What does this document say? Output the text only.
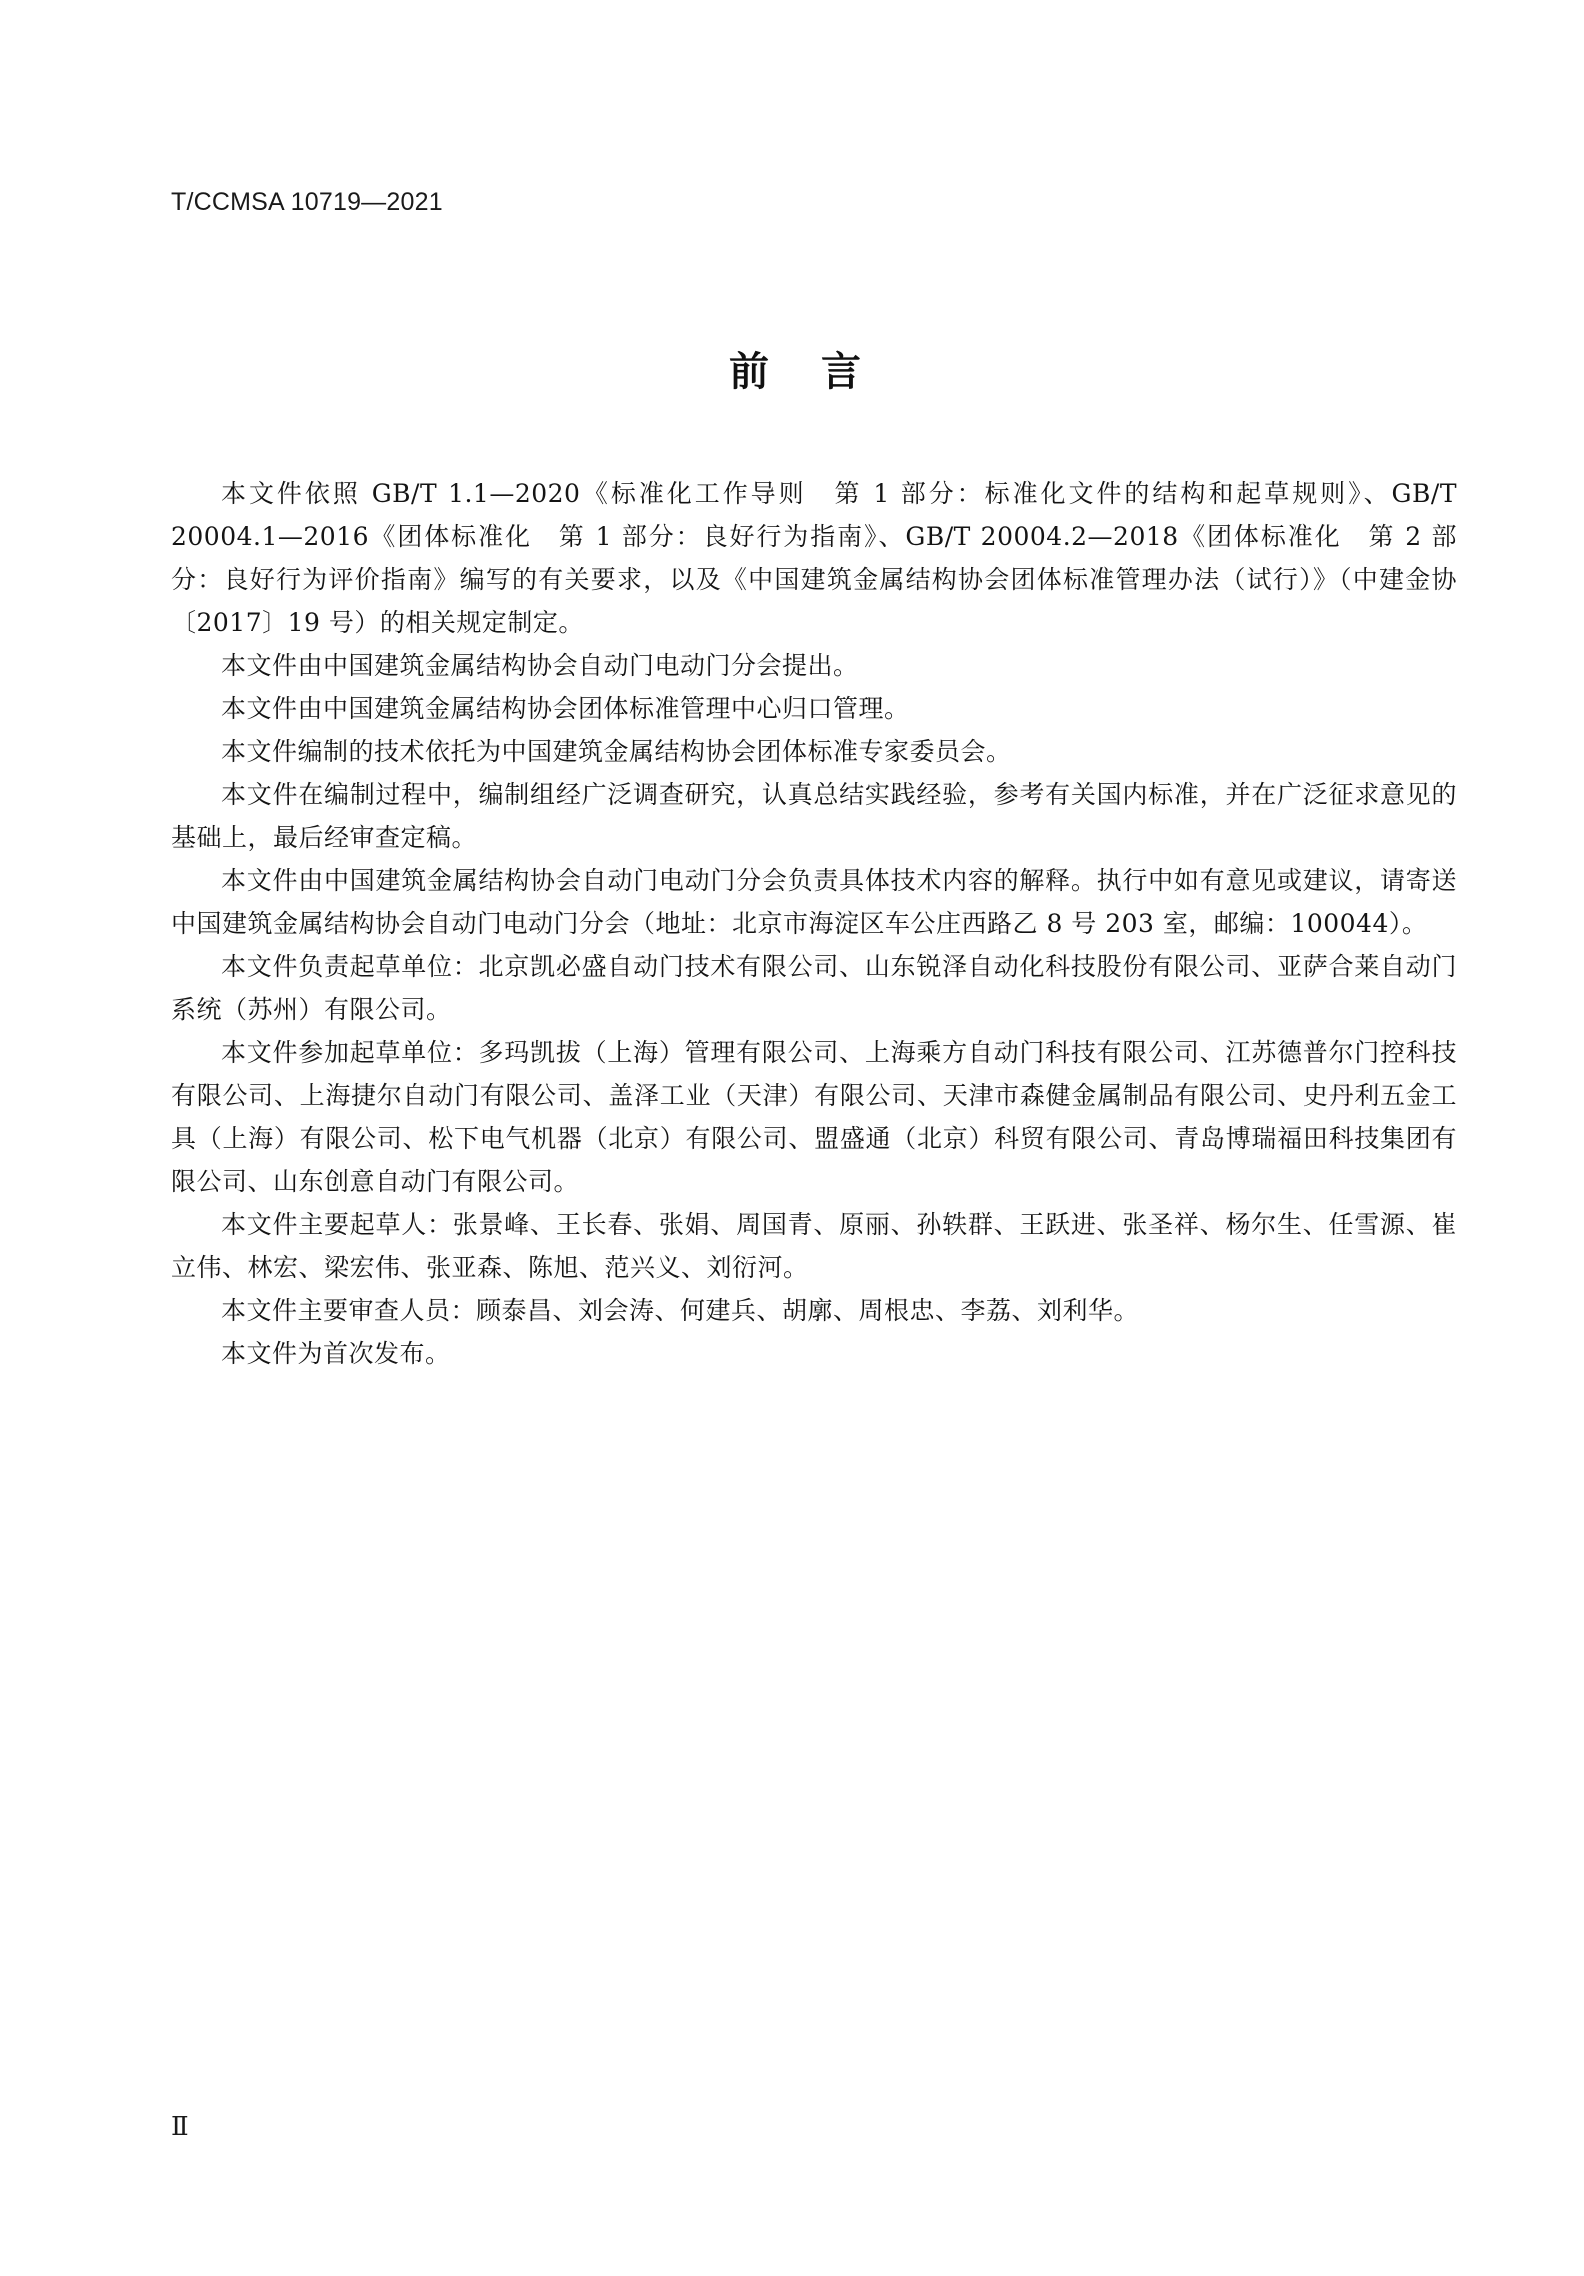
T/CCMSA 10719—2021
前言

本文件依照 GB/T 1.1—2020《标准化工作导则　第 1 部分：标准化文件的结构和起草规则》、GB/T 20004.1—2016《团体标准化　第 1 部分：良好行为指南》、GB/T 20004.2—2018《团体标准化　第 2 部分：良好行为评价指南》编写的有关要求，以及《中国建筑金属结构协会团体标准管理办法（试行）》（中建金协〔2017〕19 号）的相关规定制定。

本文件由中国建筑金属结构协会自动门电动门分会提出。

本文件由中国建筑金属结构协会团体标准管理中心归口管理。

本文件编制的技术依托为中国建筑金属结构协会团体标准专家委员会。

本文件在编制过程中，编制组经广泛调查研究，认真总结实践经验，参考有关国内标准，并在广泛征求意见的基础上，最后经审查定稿。

本文件由中国建筑金属结构协会自动门电动门分会负责具体技术内容的解释。执行中如有意见或建议，请寄送中国建筑金属结构协会自动门电动门分会（地址：北京市海淀区车公庄西路乙 8 号 203 室，邮编：100044）。

本文件负责起草单位：北京凯必盛自动门技术有限公司、山东锐泽自动化科技股份有限公司、亚萨合莱自动门系统（苏州）有限公司。

本文件参加起草单位：多玛凯拔（上海）管理有限公司、上海乘方自动门科技有限公司、江苏德普尔门控科技有限公司、上海捷尔自动门有限公司、盖泽工业（天津）有限公司、天津市森健金属制品有限公司、史丹利五金工具（上海）有限公司、松下电气机器（北京）有限公司、盟盛通（北京）科贸有限公司、青岛博瑞福田科技集团有限公司、山东创意自动门有限公司。

本文件主要起草人：张景峰、王长春、张娟、周国青、原丽、孙轶群、王跃进、张圣祥、杨尔生、任雪源、崔立伟、林宏、梁宏伟、张亚森、陈旭、范兴义、刘衍河。

本文件主要审查人员：顾泰昌、刘会涛、何建兵、胡廓、周根忠、李荔、刘利华。

本文件为首次发布。

Ⅱ
